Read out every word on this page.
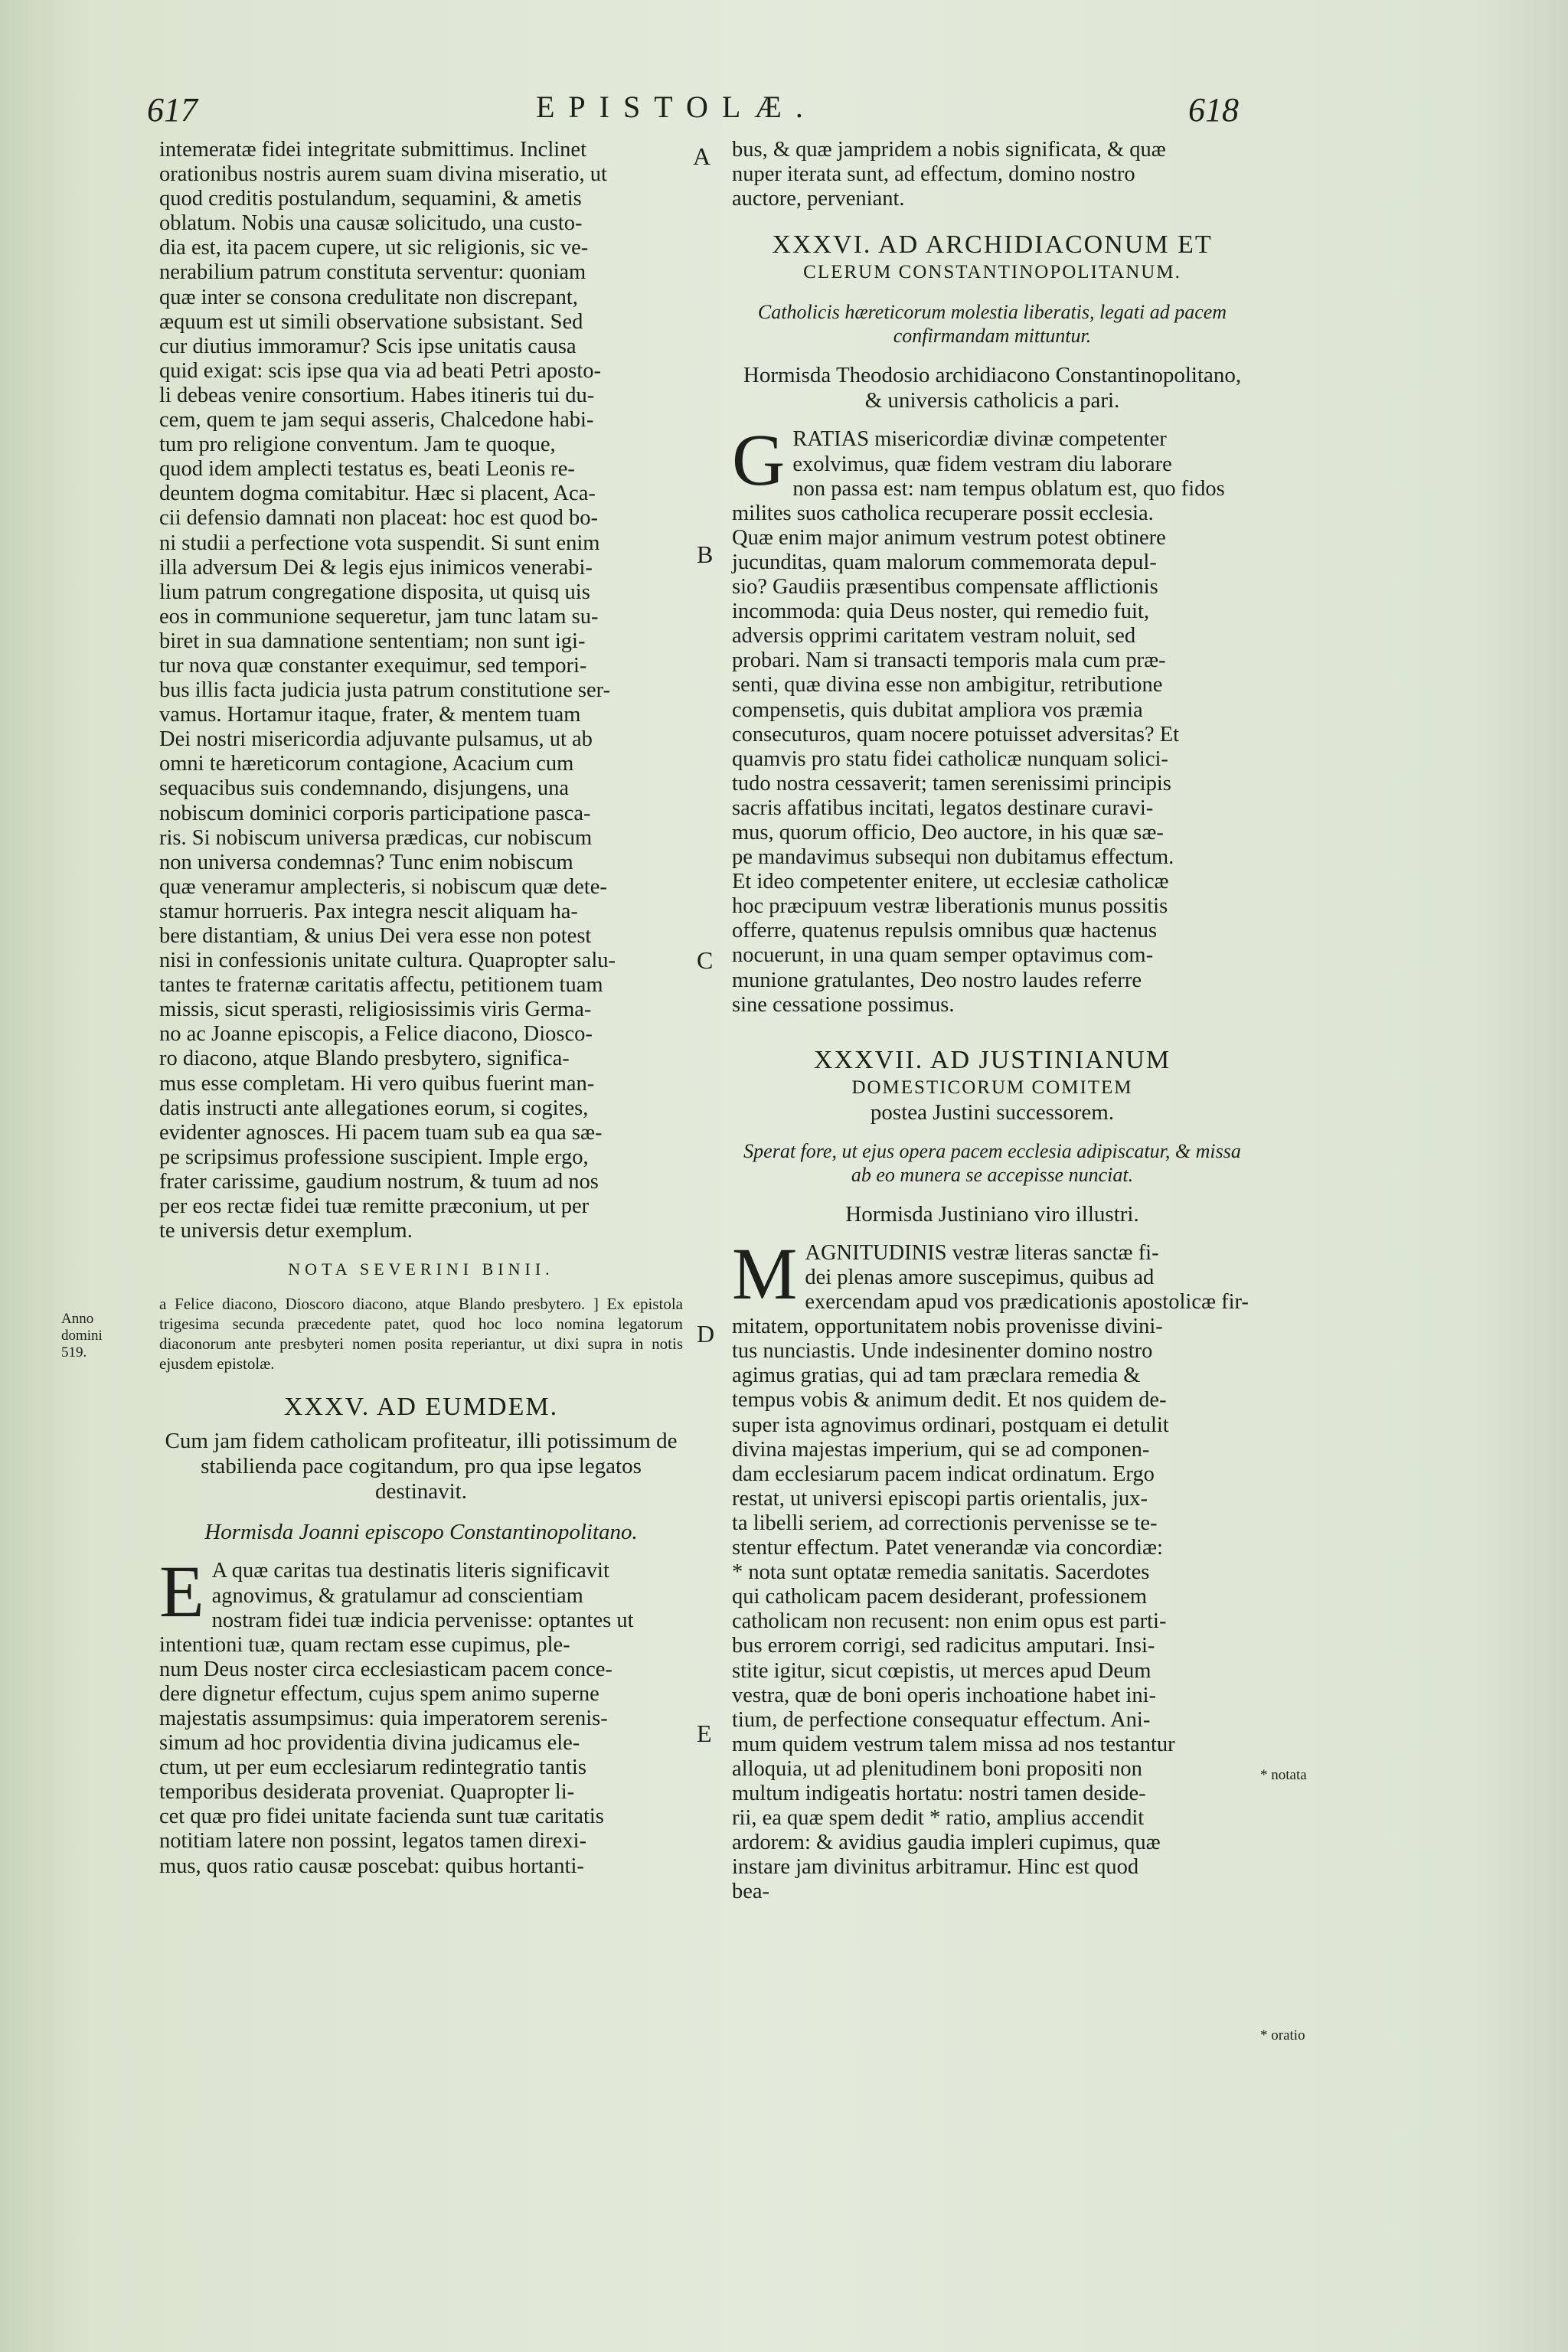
617	EPISTOLÆ.	618
intemeratæ fidei integritate submittimus. Inclinet
orationibus nostris aurem suam divina miseratio, ut
quod creditis postulandum, sequamini, & ametis
oblatum. Nobis una causæ solicitudo, una custo-
dia est, ita pacem cupere, ut sic religionis, sic ve-
nerabilium patrum constituta serventur: quoniam
quæ inter se consona credulitate non discrepant,
æquum est ut simili observatione subsistant. Sed
cur diutius immoramur? Scis ipse unitatis causa
quid exigat: scis ipse qua via ad beati Petri aposto-
li debeas venire consortium. Habes itineris tui du-
cem, quem te jam sequi asseris, Chalcedone habi-
tum pro religione conventum. Jam te quoque,
quod idem amplecti testatus es, beati Leonis re-
deuntem dogma comitabitur. Hæc si placent, Aca-
cii defensio damnati non placeat: hoc est quod bo-
ni studii a perfectione vota suspendit. Si sunt enim
illa adversum Dei & legis ejus inimicos venerabi-
lium patrum congregatione disposita, ut quisq uis
eos in communione sequeretur, jam tunc latam su-
biret in sua damnatione sententiam; non sunt igi-
tur nova quæ constanter exequimur, sed tempori-
bus illis facta judicia justa patrum constitutione ser-
vamus. Hortamur itaque, frater, & mentem tuam
Dei nostri misericordia adjuvante pulsamus, ut ab
omni te hæreticorum contagione, Acacium cum
sequacibus suis condemnando, disjungens, una
nobiscum dominici corporis participatione pasca-
ris. Si nobiscum universa prædicas, cur nobiscum
non universa condemnas? Tunc enim nobiscum
quæ veneramur amplecteris, si nobiscum quæ dete-
stamur horrueris. Pax integra nescit aliquam ha-
bere distantiam, & unius Dei vera esse non potest
nisi in confessionis unitate cultura. Quapropter salu-
tantes te fraternæ caritatis affectu, petitionem tuam
missis, sicut sperasti, religiosissimis viris Germa-
no ac Joanne episcopis, a Felice diacono, Diosco-
ro diacono, atque Blando presbytero, significa-
mus esse completam. Hi vero quibus fuerint man-
datis instructi ante allegationes eorum, si cogites,
evidenter agnosces. Hi pacem tuam sub ea qua sæ-
pe scripsimus professione suscipient. Imple ergo,
frater carissime, gaudium nostrum, & tuum ad nos
per eos rectæ fidei tuæ remitte præconium, ut per
te universis detur exemplum.
NOTA SEVERINI BINII.
a Felice diacono, Dioscoro diacono, atque Blando presbytero. ] Ex epistola trigesima secunda præcedente patet, quod hoc loco nomina legatorum diaconorum ante presbyteri nomen posita reperiantur, ut dixi supra in notis ejusdem epistolæ.
XXXV. AD EUMDEM.
Cum jam fidem catholicam profiteatur, illi potissimum de stabilienda pace cogitandum, pro qua ipse legatos destinavit.
Hormisda Joanni episcopo Constantinopolitano.
E A quæ caritas tua destinatis literis significavit
agnovimus, & gratulamur ad conscientiam
nostram fidei tuæ indicia pervenisse: optantes ut
intentioni tuæ, quam rectam esse cupimus, ple-
num Deus noster circa ecclesiasticam pacem conce-
dere dignetur effectum, cujus spem animo superne
majestatis assumpsimus: quia imperatorem serenis-
simum ad hoc providentia divina judicamus ele-
ctum, ut per eum ecclesiarum redintegratio tantis
temporibus desiderata proveniat. Quapropter li-
cet quæ pro fidei unitate facienda sunt tuæ caritatis
notitiam latere non possint, legatos tamen direxi-
mus, quos ratio causæ poscebat: quibus hortanti-
bus, & quæ jampridem a nobis significata, & quæ
nuper iterata sunt, ad effectum, domino nostro
auctore, perveniant.
XXXVI. AD ARCHIDIACONUM ET
CLERUM CONSTANTINOPOLITANUM.
Catholicis hæreticorum molestia liberatis, legati ad pacem confirmandam mittuntur.
Hormisda Theodosio archidiacono Constantinopolitano, & universis catholicis a pari.
G RATIAS misericordiæ divinæ competenter
exolvimus, quæ fidem vestram diu laborare
non passa est: nam tempus oblatum est, quo fidos
milites suos catholica recuperare possit ecclesia.
Quæ enim major animum vestrum potest obtinere
jucunditas, quam malorum commemorata depul-
sio? Gaudiis præsentibus compensate afflictionis
incommoda: quia Deus noster, qui remedio fuit,
adversis opprimi caritatem vestram noluit, sed
probari. Nam si transacti temporis mala cum præ-
senti, quæ divina esse non ambigitur, retributione
compensetis, quis dubitat ampliora vos præmia
consecuturos, quam nocere potuisset adversitas? Et
quamvis pro statu fidei catholicæ nunquam solici-
tudo nostra cessaverit; tamen serenissimi principis
sacris affatibus incitati, legatos destinare curavi-
mus, quorum officio, Deo auctore, in his quæ sæ-
pe mandavimus subsequi non dubitamus effectum.
Et ideo competenter enitere, ut ecclesiæ catholicæ
hoc præcipuum vestræ liberationis munus possitis
offerre, quatenus repulsis omnibus quæ hactenus
nocuerunt, in una quam semper optavimus com-
munione gratulantes, Deo nostro laudes referre
sine cessatione possimus.
XXXVII. AD JUSTINIANUM
DOMESTICORUM COMITEM
postea Justini successorem.
Sperat fore, ut ejus opera pacem ecclesia adipiscatur, & missa ab eo munera se accepisse nunciat.
Hormisda Justiniano viro illustri.
M AGNITUDINIS vestræ literas sanctæ fi-
dei plenas amore suscepimus, quibus ad
exercendam apud vos prædicationis apostolicæ fir-
mitatem, opportunitatem nobis provenisse divini-
tus nunciastis. Unde indesinenter domino nostro
agimus gratias, qui ad tam præclara remedia &
tempus vobis & animum dedit. Et nos quidem de-
super ista agnovimus ordinari, postquam ei detulit
divina majestas imperium, qui se ad componen-
dam ecclesiarum pacem indicat ordinatum. Ergo
restat, ut universi episcopi partis orientalis, jux-
ta libelli seriem, ad correctionis pervenisse se te-
stentur effectum. Patet venerandæ via concordiæ:
* nota sunt optatæ remedia sanitatis. Sacerdotes
qui catholicam pacem desiderant, professionem
catholicam non recusent: non enim opus est parti-
bus errorem corrigi, sed radicitus amputari. Insi-
stite igitur, sicut cœpistis, ut merces apud Deum
vestra, quæ de boni operis inchoatione habet ini-
tium, de perfectione consequatur effectum. Ani-
mum quidem vestrum talem missa ad nos testantur
alloquia, ut ad plenitudinem boni propositi non
multum indigeatis hortatu: nostri tamen deside-
rii, ea quæ spem dedit * ratio, amplius accendit
ardorem: & avidius gaudia impleri cupimus, quæ
instare jam divinitus arbitramur. Hinc est quod
bea-
A
B
C
D
E
Anno domini 519.
* notata
* oratio
